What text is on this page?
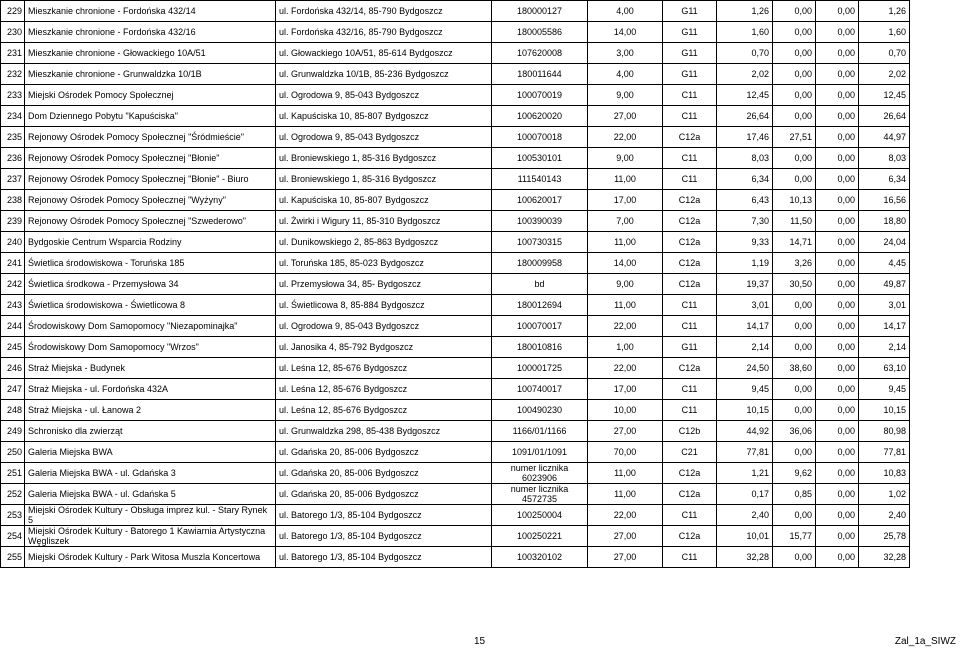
229	Mieszkanie chronione - Fordońska 432/14	ul. Fordońska 432/14, 85-790 Bydgoszcz	180000127	4,00	G11	1,26	0,00	0,00	1,26
230	Mieszkanie chronione - Fordońska 432/16	ul. Fordońska 432/16, 85-790 Bydgoszcz	180005586	14,00	G11	1,60	0,00	0,00	1,60
231	Mieszkanie chronione - Głowackiego 10A/51	ul. Głowackiego 10A/51, 85-614 Bydgoszcz	107620008	3,00	G11	0,70	0,00	0,00	0,70
232	Mieszkanie chronione - Grunwaldzka 10/1B	ul. Grunwaldzka 10/1B, 85-236 Bydgoszcz	180011644	4,00	G11	2,02	0,00	0,00	2,02
233	Miejski Ośrodek Pomocy Społecznej	ul. Ogrodowa 9, 85-043 Bydgoszcz	100070019	9,00	C11	12,45	0,00	0,00	12,45
234	Dom Dziennego Pobytu "Kapuściska"	ul. Kapuściska 10, 85-807 Bydgoszcz	100620020	27,00	C11	26,64	0,00	0,00	26,64
235	Rejonowy Ośrodek Pomocy Społecznej "Śródmieście"	ul. Ogrodowa 9, 85-043 Bydgoszcz	100070018	22,00	C12a	17,46	27,51	0,00	44,97
236	Rejonowy Ośrodek Pomocy Społecznej "Błonie"	ul. Broniewskiego 1, 85-316 Bydgoszcz	100530101	9,00	C11	8,03	0,00	0,00	8,03
237	Rejonowy Ośrodek Pomocy Społecznej "Błonie" - Biuro	ul. Broniewskiego 1, 85-316 Bydgoszcz	111540143	11,00	C11	6,34	0,00	0,00	6,34
238	Rejonowy Ośrodek Pomocy Społecznej "Wyżyny"	ul. Kapuściska 10, 85-807 Bydgoszcz	100620017	17,00	C12a	6,43	10,13	0,00	16,56
239	Rejonowy Ośrodek Pomocy Społecznej "Szwederowo"	ul. Żwirki i Wigury 11, 85-310 Bydgoszcz	100390039	7,00	C12a	7,30	11,50	0,00	18,80
240	Bydgoskie Centrum Wsparcia Rodziny	ul. Dunikowskiego 2, 85-863 Bydgoszcz	100730315	11,00	C12a	9,33	14,71	0,00	24,04
241	Świetlica środowiskowa - Toruńska 185	ul. Toruńska 185, 85-023 Bydgoszcz	180009958	14,00	C12a	1,19	3,26	0,00	4,45
242	Świetlica środkowa - Przemysłowa 34	ul. Przemysłowa 34, 85- Bydgoszcz	bd	9,00	C12a	19,37	30,50	0,00	49,87
243	Świetlica środowiskowa - Świetlicowa 8	ul. Świetlicowa 8, 85-884 Bydgoszcz	180012694	11,00	C11	3,01	0,00	0,00	3,01
244	Środowiskowy Dom Samopomocy "Niezapominajka"	ul. Ogrodowa 9, 85-043 Bydgoszcz	100070017	22,00	C11	14,17	0,00	0,00	14,17
245	Środowiskowy Dom Samopomocy "Wrzos"	ul. Janosika 4, 85-792 Bydgoszcz	180010816	1,00	G11	2,14	0,00	0,00	2,14
246	Straż Miejska - Budynek	ul. Leśna 12, 85-676 Bydgoszcz	100001725	22,00	C12a	24,50	38,60	0,00	63,10
247	Straż Miejska - ul. Fordońska 432A	ul. Leśna 12, 85-676 Bydgoszcz	100740017	17,00	C11	9,45	0,00	0,00	9,45
248	Straż Miejska - ul. Łanowa 2	ul. Leśna 12, 85-676 Bydgoszcz	100490230	10,00	C11	10,15	0,00	0,00	10,15
249	Schronisko dla zwierząt	ul. Grunwaldzka 298, 85-438 Bydgoszcz	1166/01/1166	27,00	C12b	44,92	36,06	0,00	80,98
250	Galeria Miejska BWA	ul. Gdańska 20, 85-006 Bydgoszcz	1091/01/1091	70,00	C21	77,81	0,00	0,00	77,81
251	Galeria Miejska BWA - ul. Gdańska 3	ul. Gdańska 20, 85-006 Bydgoszcz	numer licznika 6023906	11,00	C12a	1,21	9,62	0,00	10,83
252	Galeria Miejska BWA - ul. Gdańska 5	ul. Gdańska 20, 85-006 Bydgoszcz	numer licznika 4572735	11,00	C12a	0,17	0,85	0,00	1,02
253	Miejski Ośrodek Kultury - Obsługa imprez kul. - Stary Rynek 5	ul. Batorego 1/3, 85-104 Bydgoszcz	100250004	22,00	C11	2,40	0,00	0,00	2,40
254	Miejski Ośrodek Kultury - Batorego 1 Kawiarnia Artystyczna Węgliszek	ul. Batorego 1/3, 85-104 Bydgoszcz	100250221	27,00	C12a	10,01	15,77	0,00	25,78
255	Miejski Ośrodek Kultury - Park Witosa Muszla Koncertowa	ul. Batorego 1/3, 85-104 Bydgoszcz	100320102	27,00	C11	32,28	0,00	0,00	32,28
15	Zal_1a_SIWZ
